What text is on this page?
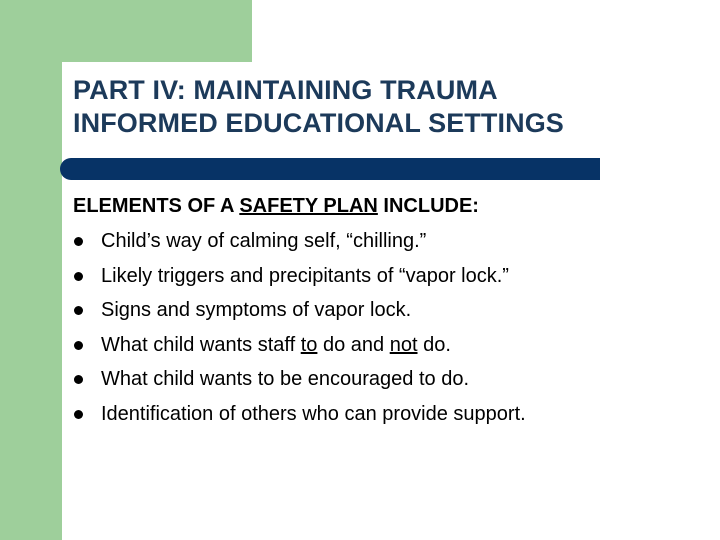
PART IV: MAINTAINING TRAUMA
INFORMED EDUCATIONAL SETTINGS
ELEMENTS OF A SAFETY PLAN INCLUDE:
Child’s way of calming self, “chilling.”
Likely triggers and precipitants of “vapor lock.”
Signs and symptoms of vapor lock.
What child wants staff to do and not do.
What child wants to be encouraged to do.
Identification of others who can provide support.
